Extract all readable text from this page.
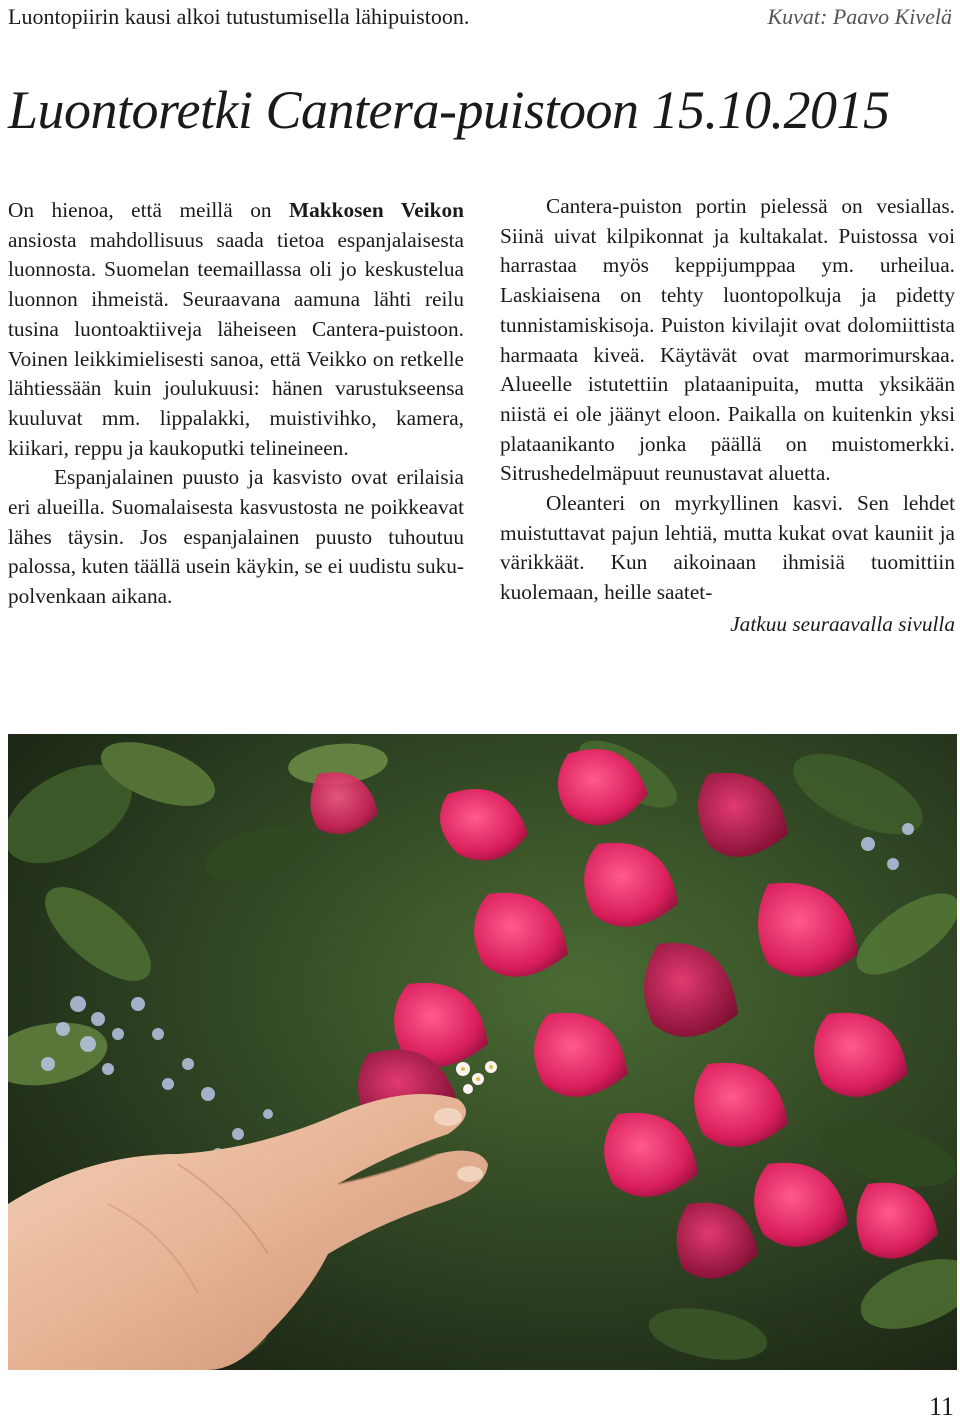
Luontopiirin kausi alkoi tutustumisella lähipuistoon.	Kuvat: Paavo Kivelä
Luontoretki Cantera-puistoon 15.10.2015

On hienoa, että meillä on Makkosen Veikon ansiosta mahdollisuus saada tietoa espanjalaisesta luonnosta. Suomelan teemaillassa oli jo keskustelua luonnon ihmeistä. Seuraavana aamuna lähti reilu tusina luontoaktiiveja läheiseen Cantera-puistoon. Voinen leikkimielisesti sanoa, että Veikko on retkelle lähtiessään kuin joulukuusi: hänen varustukseensa kuuluvat mm. lippalakki, muistivihko, kamera, kiikari, reppu ja kaukoputki telineineen.

Espanjalainen puusto ja kasvisto ovat erilaisia eri alueilla. Suomalaisesta kasvustosta ne poikkeavat lähes täysin. Jos espanjalainen puusto tuhoutuu palossa, kuten täällä usein käykin, se ei uudistu sukupolvenkaan aikana.

Cantera-puiston portin pielessä on vesiallas. Siinä uivat kilpikonnat ja kultakalat. Puistossa voi harrastaa myös keppijumppaa ym. urheilua. Laskiaisena on tehty luontopolkuja ja pidetty tunnistamiskisoja. Puiston kivilajit ovat dolomiittista harmaata kiveä. Käytävät ovat marmorimurskaa. Alueelle istutettiin plataanipuita, mutta yksikään niistä ei ole jäänyt eloon. Paikalla on kuitenkin yksi plataanikanto jonka päällä on muistomerkki. Sitrushedelmäpuut reunustavat aluetta.

Oleanteri on myrkyllinen kasvi. Sen lehdet muistuttavat pajun lehtiä, mutta kukat ovat kauniit ja värikkäät. Kun aikoinaan ihmisiä tuomittiin kuolemaan, heille saatet-

Jatkuu seuraavalla sivulla

11
